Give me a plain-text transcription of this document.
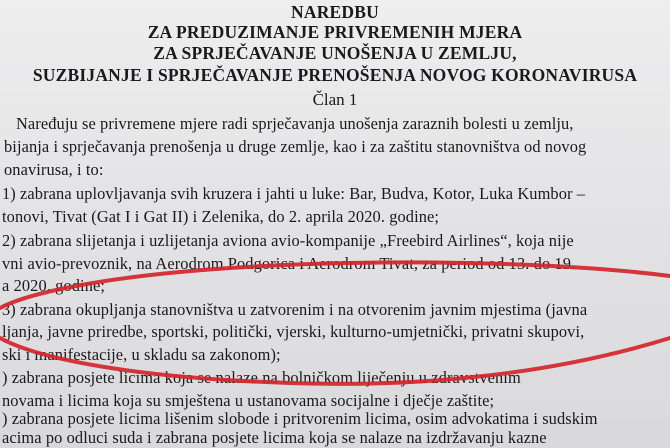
NAREDBU
ZA PREDUZIMANJE PRIVREMENIH MJERA
ZA SPRJEČAVANJE UNOŠENJA U ZEMLJU,
SUZBIJANJE I SPRJEČAVANJE PRENOŠENJA NOVOG KORONAVIRUSA
Član 1
Naređuju se privremene mjere radi sprječavanja unošenja zaraznih bolesti u zemlju,
bijanja i sprječavanja prenošenja u druge zemlje, kao i za zaštitu stanovništva od novog
onavirusa, i to:
1) zabrana uplovljavanja svih kruzera i jahti u luke: Bar, Budva, Kotor, Luka Kumbor –
tonovi, Tivat (Gat I i Gat II) i Zelenika, do 2. aprila 2020. godine;
2) zabrana slijetanja i uzlijetanja aviona avio-kompanije „Freebird Airlines“, koja nije
vni avio-prevoznik, na Aerodrom Podgorica i Aerodrom Tivat, za period od 13. do 19.
a 2020. godine;
3) zabrana okupljanja stanovništva u zatvorenim i na otvorenim javnim mjestima (javna
ljanja, javne priredbe, sportski, politički, vjerski, kulturno-umjetnički, privatni skupovi,
ski i manifestacije, u skladu sa zakonom);
) zabrana posjete licima koja se nalaze na bolničkom liječenju u zdravstvenim
novama i licima koja su smještena u ustanovama socijalne i dječje zaštite;
) zabrana posjete licima lišenim slobode i pritvorenim licima, osim advokatima i sudskim
acima po odluci suda i zabrana posjete licima koja se nalaze na izdržavanju kazne
